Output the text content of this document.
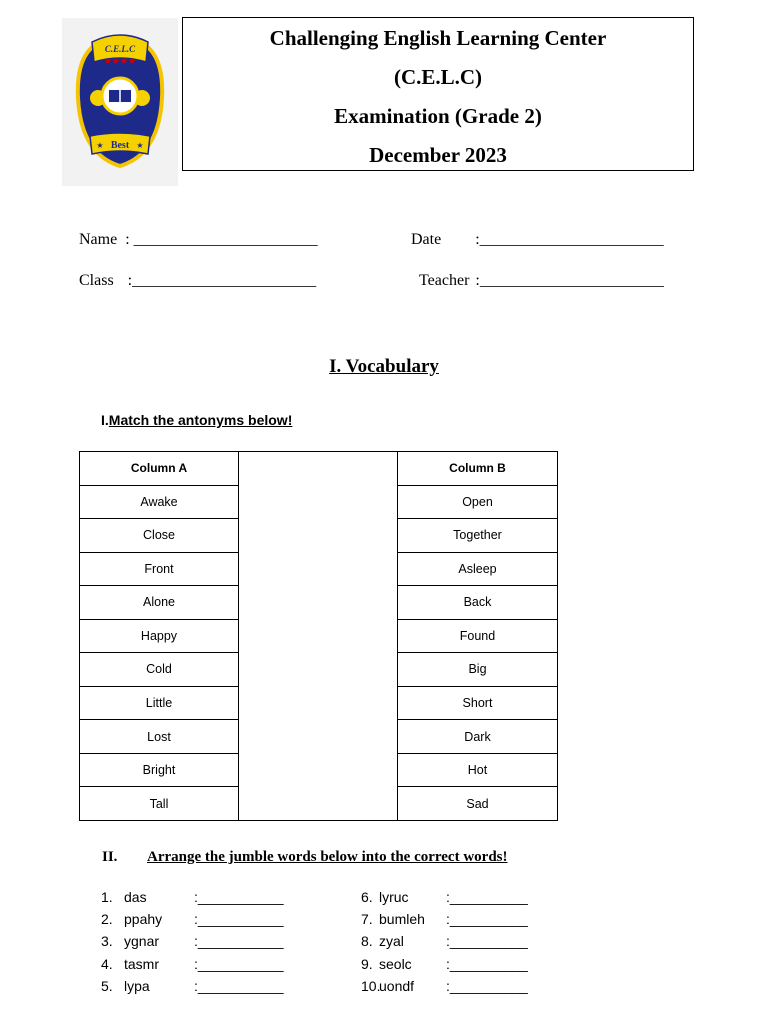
C.E.L.C
★★★★
Best
★	★
Challenging English Learning Center
(C.E.L.C)
Examination (Grade 2)
December 2023
Name : _______________________	Date :_______________________
Class :_______________________	Teacher :_______________________
I. Vocabulary
I.Match the antonyms below!
Column A		Column B
Awake		Open
Close		Together
Front		Asleep
Alone		Back
Happy		Found
Cold		Big
Little		Short
Lost		Dark
Bright		Hot
Tall		Sad
II. Arrange the jumble words below into the correct words!
1. das	:___________
2. ppahy :___________
3. ygnar :___________
4. tasmr	:___________
5. lypa	:___________
6. lyruc	:__________
7. bumleh :__________
8. zyal	:__________
9. seolc :__________
10.uondf :__________
